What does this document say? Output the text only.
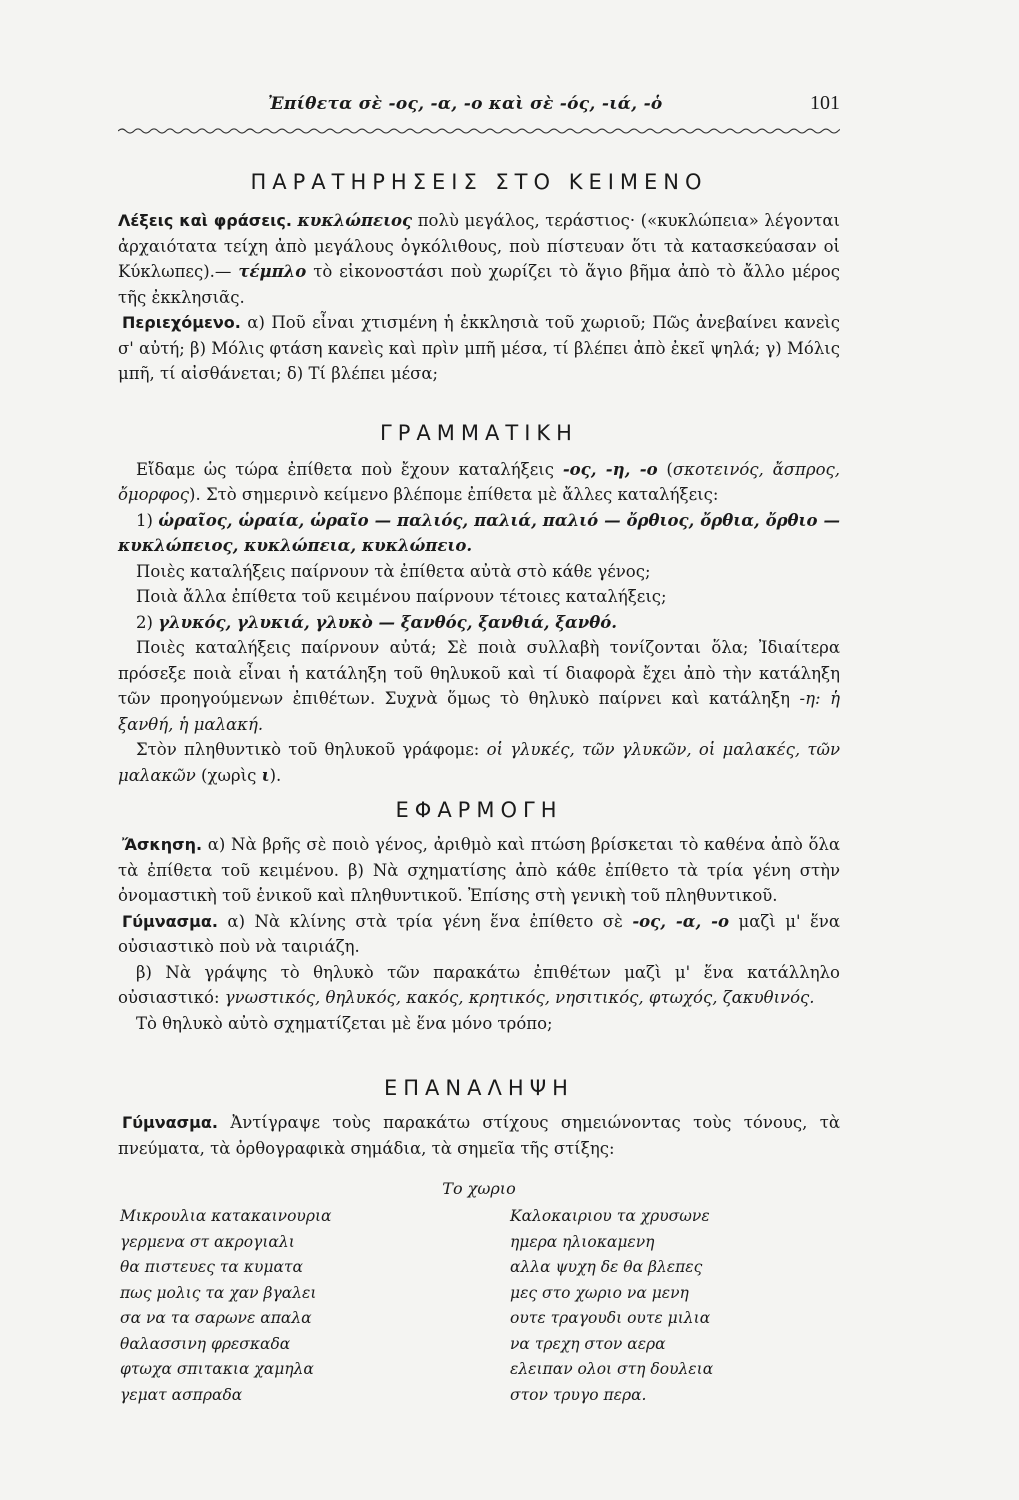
Ἐπίθετα σὲ -ος, -α, -ο καὶ σὲ -ός, -ιά, -ὁ	101
ΠΑΡΑΤΗΡΗΣΕΙΣ ΣΤΟ ΚΕΙΜΕΝΟ

Λέξεις καὶ φράσεις. κυκλώπειος πολὺ μεγάλος, τεράστιος· («κυκλώπεια» λέγονται ἀρχαιότατα τείχη ἀπὸ μεγάλους ὀγκόλιθους, ποὺ πίστευαν ὅτι τὰ κατασκεύασαν οἱ Κύκλωπες).— τέμπλο τὸ εἰκονοστάσι ποὺ χωρίζει τὸ ἅγιο βῆμα ἀπὸ τὸ ἄλλο μέρος τῆς ἐκκλησιᾶς.

Περιεχόμενο. α) Ποῦ εἶναι χτισμένη ἡ ἐκκλησιὰ τοῦ χωριοῦ; Πῶς ἀνεβαίνει κανεὶς σ' αὐτή; β) Μόλις φτάση κανεὶς καὶ πρὶν μπῆ μέσα, τί βλέπει ἀπὸ ἐκεῖ ψηλά; γ) Μόλις μπῆ, τί αἰσθάνεται; δ) Τί βλέπει μέσα;

ΓΡΑΜΜΑΤΙΚΗ

Εἴδαμε ὡς τώρα ἐπίθετα ποὺ ἔχουν καταλήξεις -ος, -η, -ο (σκοτεινός, ἄσπρος, ὄμορφος). Στὸ σημερινὸ κείμενο βλέπομε ἐπίθετα μὲ ἄλλες καταλήξεις:

1) ὡραῖος, ὡραία, ὡραῖο — παλιός, παλιά, παλιό — ὄρθιος, ὄρθια, ὄρθιο — κυκλώπειος, κυκλώπεια, κυκλώπειο.

Ποιὲς καταλήξεις παίρνουν τὰ ἐπίθετα αὐτὰ στὸ κάθε γένος;

Ποιὰ ἄλλα ἐπίθετα τοῦ κειμένου παίρνουν τέτοιες καταλήξεις;

2) γλυκός, γλυκιά, γλυκὸ — ξανθός, ξανθιά, ξανθό.

Ποιὲς καταλήξεις παίρνουν αὐτά; Σὲ ποιὰ συλλαβὴ τονίζονται ὅλα; Ἰδιαίτερα πρόσεξε ποιὰ εἶναι ἡ κατάληξη τοῦ θηλυκοῦ καὶ τί διαφορὰ ἔχει ἀπὸ τὴν κατάληξη τῶν προηγούμενων ἐπιθέτων. Συχνὰ ὅμως τὸ θηλυκὸ παίρνει καὶ κατάληξη -η: ἡ ξανθή, ἡ μαλακή.

Στὸν πληθυντικὸ τοῦ θηλυκοῦ γράφομε: οἱ γλυκές, τῶν γλυκῶν, οἱ μαλακές, τῶν μαλακῶν (χωρὶς ι).

ΕΦΑΡΜΟΓΗ

Ἄσκηση. α) Νὰ βρῆς σὲ ποιὸ γένος, ἀριθμὸ καὶ πτώση βρίσκεται τὸ καθένα ἀπὸ ὅλα τὰ ἐπίθετα τοῦ κειμένου. β) Νὰ σχηματίσης ἀπὸ κάθε ἐπίθετο τὰ τρία γένη στὴν ὀνομαστικὴ τοῦ ἑνικοῦ καὶ πληθυντικοῦ. Ἐπίσης στὴ γενικὴ τοῦ πληθυντικοῦ.

Γύμνασμα. α) Νὰ κλίνης στὰ τρία γένη ἕνα ἐπίθετο σὲ -ος, -α, -ο μαζὶ μ' ἕνα οὐσιαστικὸ ποὺ νὰ ταιριάζη.

β) Νὰ γράψης τὸ θηλυκὸ τῶν παρακάτω ἐπιθέτων μαζὶ μ' ἕνα κατάλληλο οὐσιαστικό: γνωστικός, θηλυκός, κακός, κρητικός, νησιτικός, φτωχός, ζακυθινός.

Τὸ θηλυκὸ αὐτὸ σχηματίζεται μὲ ἕνα μόνο τρόπο;

ΕΠΑΝΑΛΗΨΗ

Γύμνασμα. Ἀντίγραψε τοὺς παρακάτω στίχους σημειώνοντας τοὺς τόνους, τὰ πνεύματα, τὰ ὀρθογραφικὰ σημάδια, τὰ σημεῖα τῆς στίξης:

Το χωριο
Μικρουλια κατακαινουρια
γερμενα στ ακρογιαλι
θα πιστευες τα κυματα
πως μολις τα χαν βγαλει
σα να τα σαρωνε απαλα
θαλασσινη φρεσκαδα
φτωχα σπιτακια χαμηλα
γεματ ασπραδα
Καλοκαιριου τα χρυσωνε
ημερα ηλιοκαμενη
αλλα ψυχη δε θα βλεπες
μες στο χωριο να μενη
ουτε τραγουδι ουτε μιλια
να τρεχη στον αερα
ελειπαν ολοι στη δουλεια
στον τρυγο περα.
